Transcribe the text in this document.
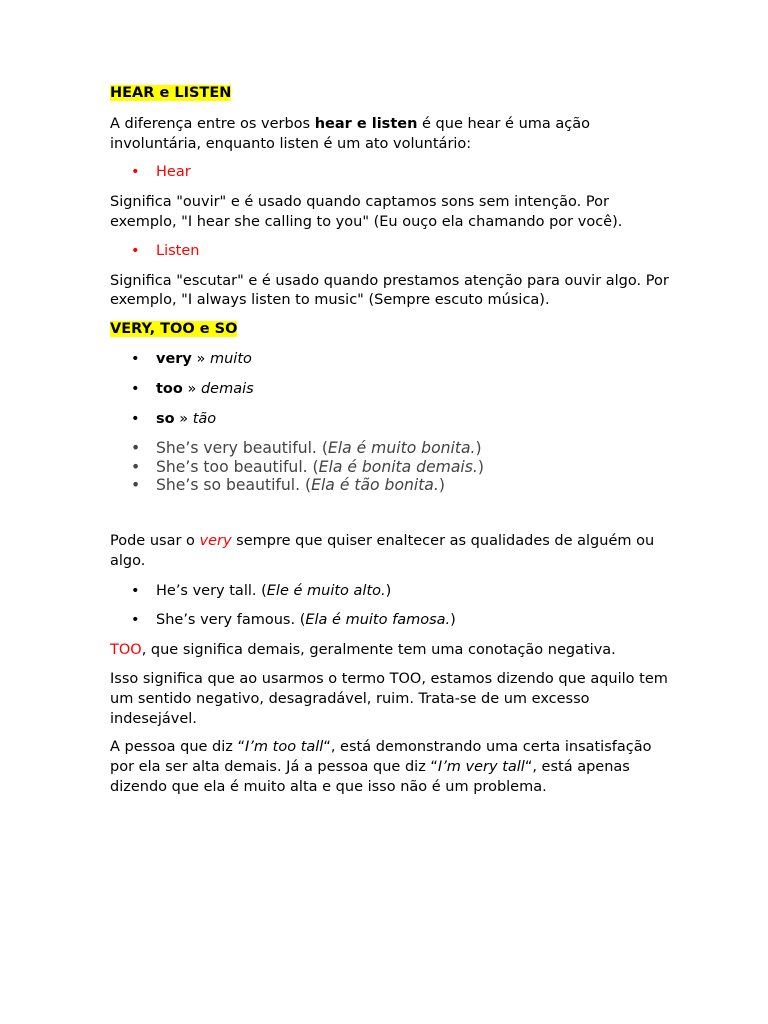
HEAR e LISTEN

A diferença entre os verbos hear e listen é que hear é uma ação involuntária, enquanto listen é um ato voluntário:

• Hear

Significa "ouvir" e é usado quando captamos sons sem intenção. Por exemplo, "I hear she calling to you" (Eu ouço ela chamando por você).

• Listen

Significa "escutar" e é usado quando prestamos atenção para ouvir algo. Por exemplo, "I always listen to music" (Sempre escuto música).

VERY, TOO e SO

• very » muito
• too » demais
• so » tão
• She’s very beautiful. (Ela é muito bonita.)
• She’s too beautiful. (Ela é bonita demais.)
• She’s so beautiful. (Ela é tão bonita.)

Pode usar o very sempre que quiser enaltecer as qualidades de alguém ou algo.

• He’s very tall. (Ele é muito alto.)
• She’s very famous. (Ela é muito famosa.)

TOO, que significa demais, geralmente tem uma conotação negativa.

Isso significa que ao usarmos o termo TOO, estamos dizendo que aquilo tem um sentido negativo, desagradável, ruim. Trata-se de um excesso indesejável.

A pessoa que diz “I’m too tall“, está demonstrando uma certa insatisfação por ela ser alta demais. Já a pessoa que diz “I’m very tall“, está apenas dizendo que ela é muito alta e que isso não é um problema.
